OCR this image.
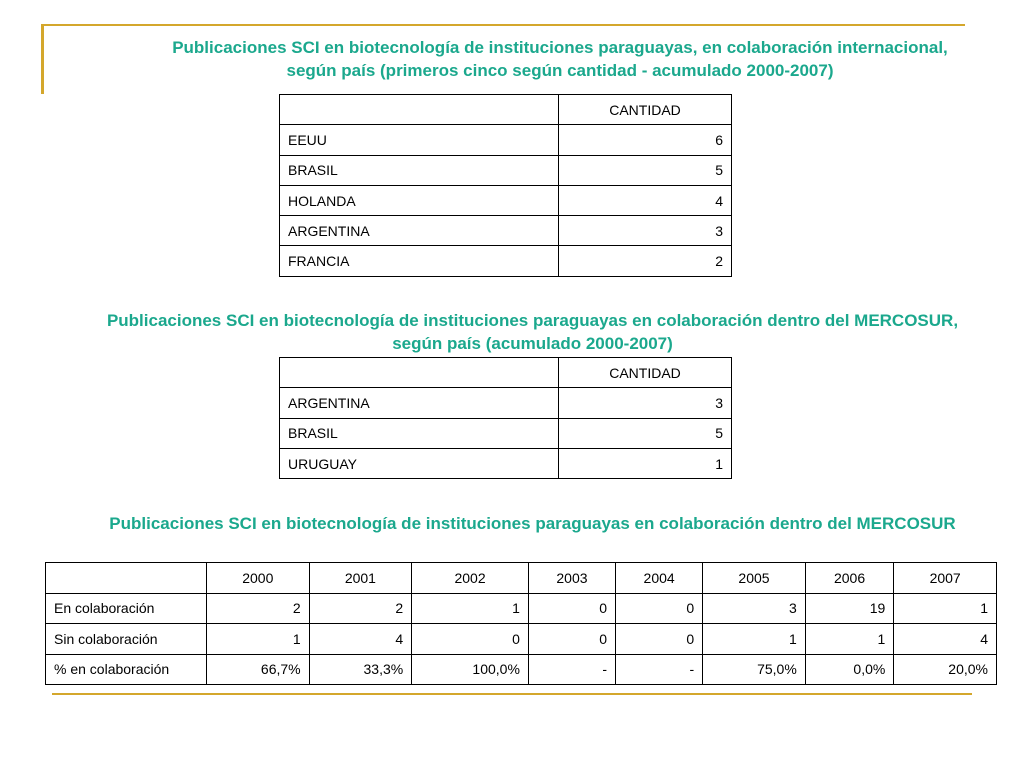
Publicaciones SCI en biotecnología de instituciones paraguayas, en colaboración internacional, según país (primeros cinco según cantidad - acumulado 2000-2007)
	CANTIDAD
EEUU	6
BRASIL	5
HOLANDA	4
ARGENTINA	3
FRANCIA	2
Publicaciones SCI en biotecnología de instituciones paraguayas en colaboración dentro del MERCOSUR, según país (acumulado 2000-2007)
	CANTIDAD
ARGENTINA	3
BRASIL	5
URUGUAY	1
Publicaciones SCI en biotecnología de instituciones paraguayas en colaboración dentro del MERCOSUR
	2000	2001	2002	2003	2004	2005	2006	2007
En colaboración	2	2	1	0	0	3	19	1
Sin colaboración	1	4	0	0	0	1	1	4
% en colaboración	66,7%	33,3%	100,0%	-	-	75,0%	0,0%	20,0%
